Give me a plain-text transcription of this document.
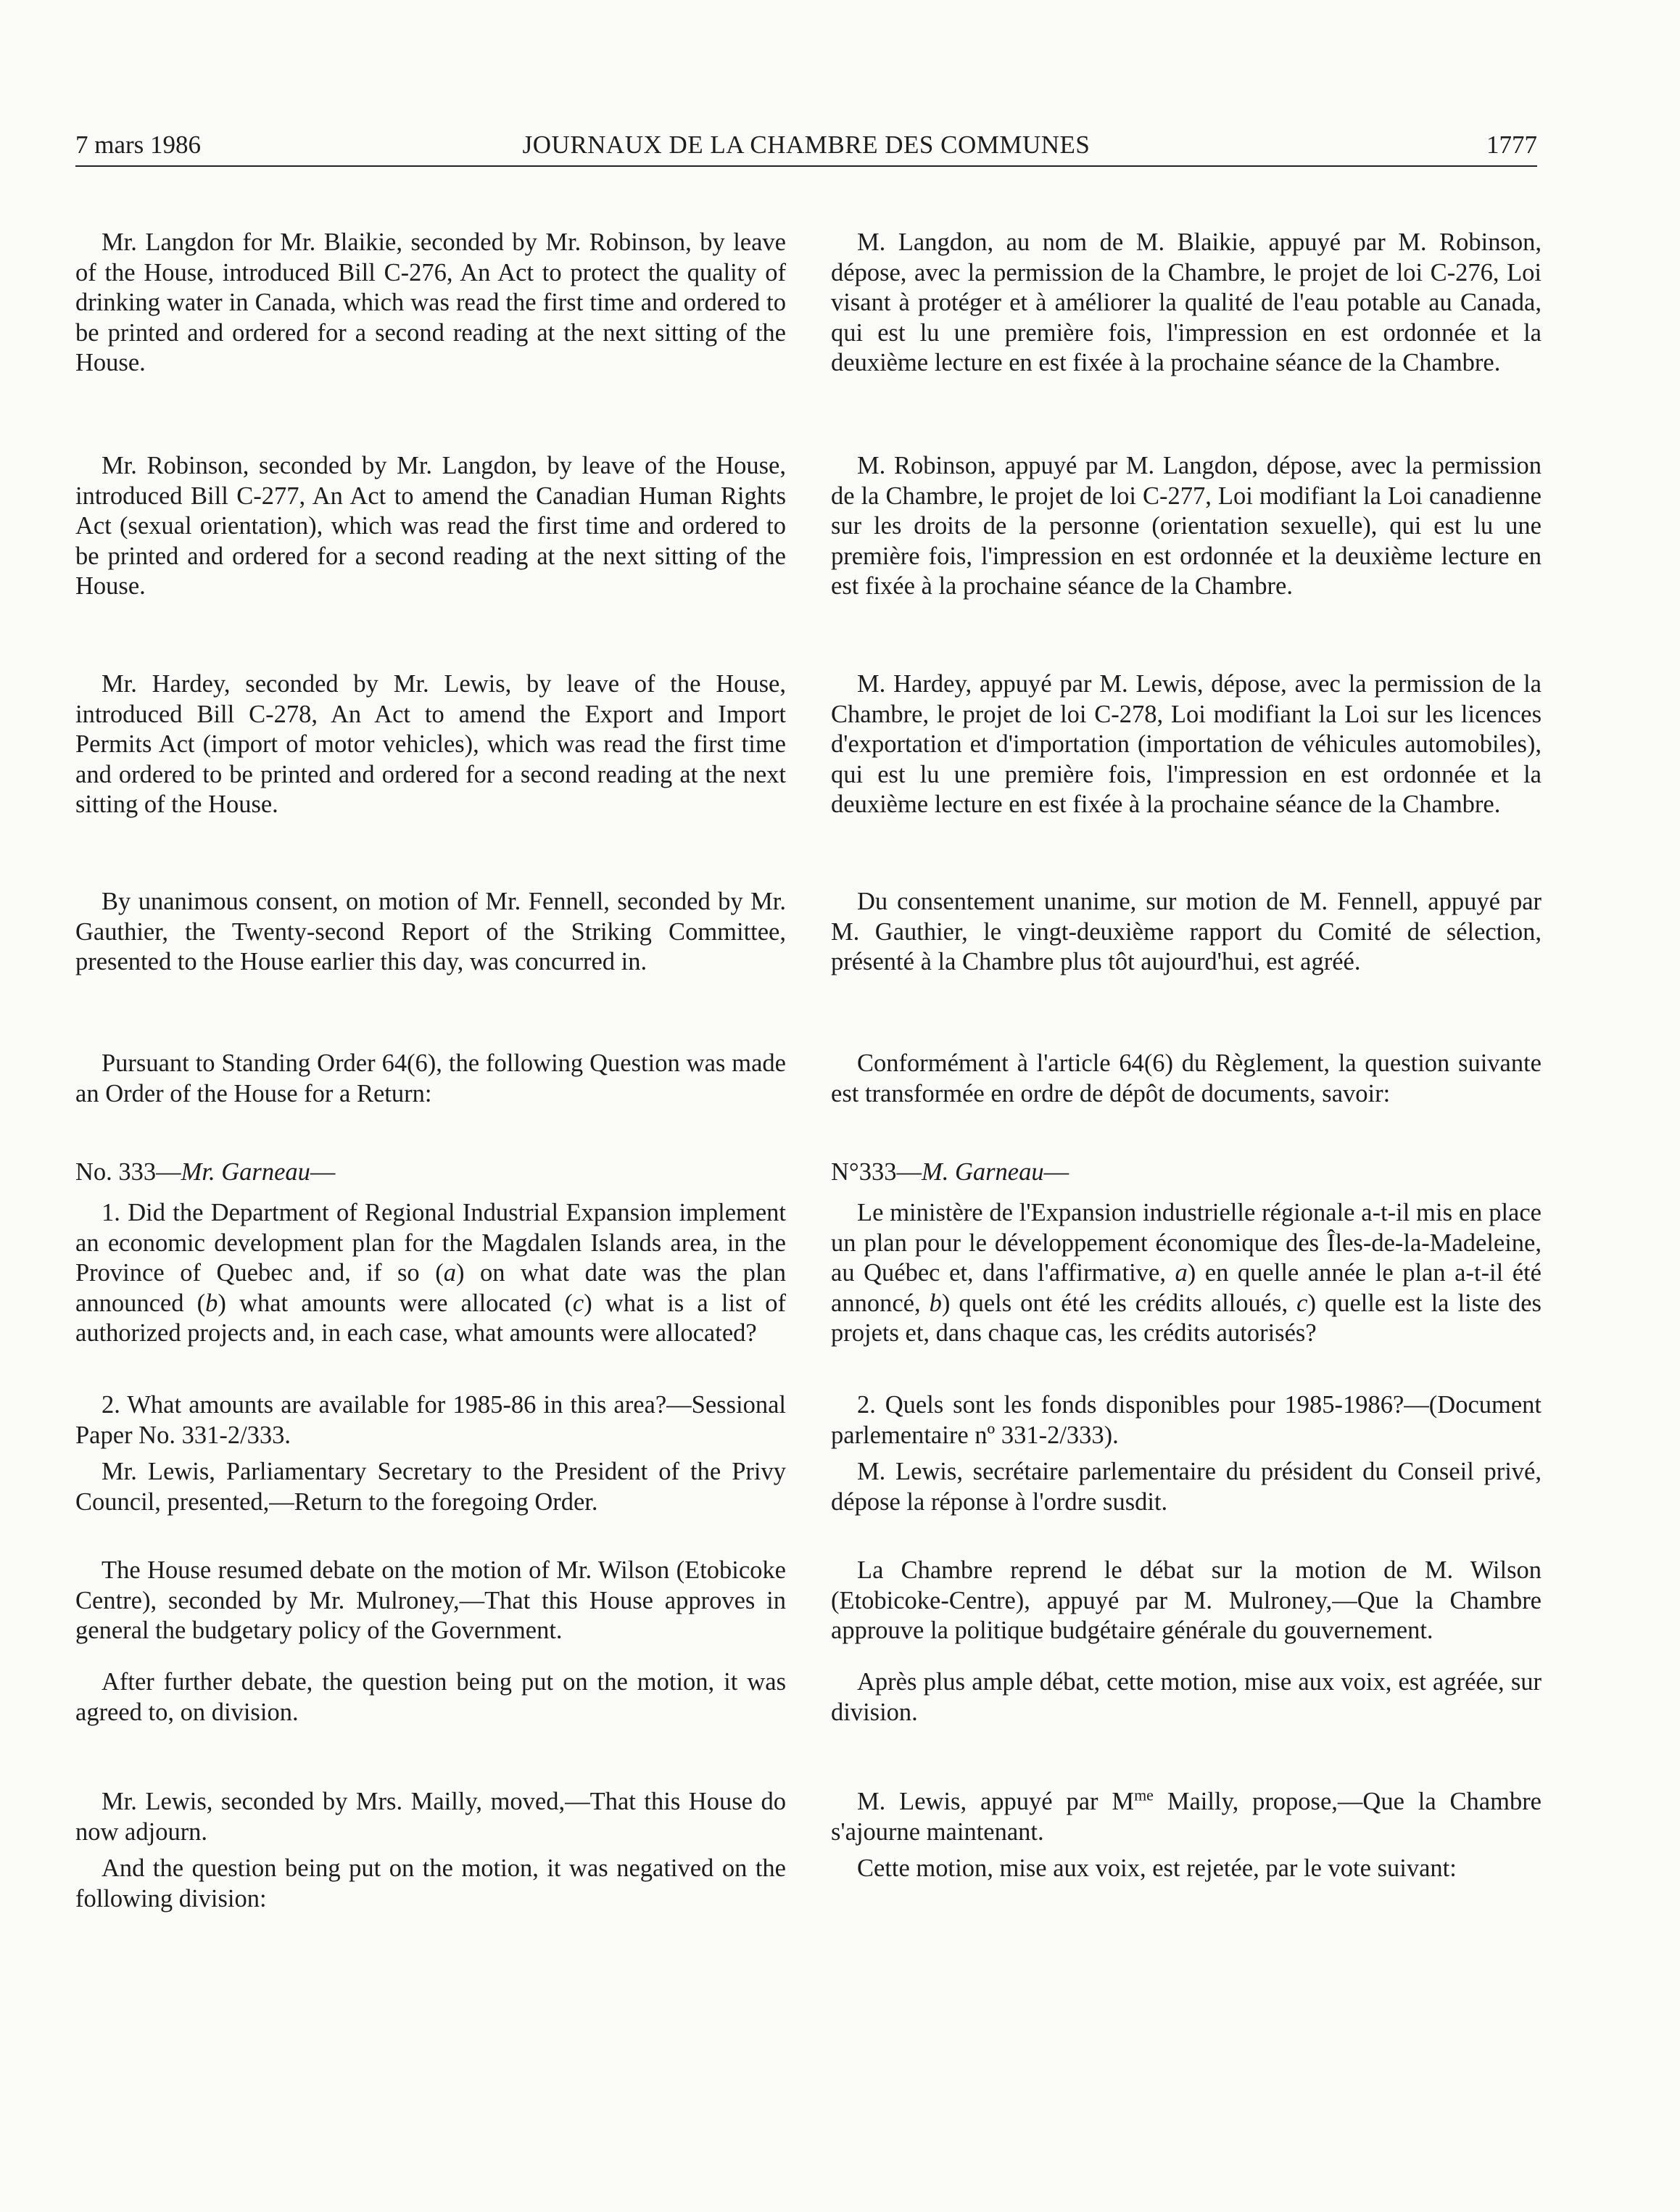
7 mars 1986	JOURNAUX DE LA CHAMBRE DES COMMUNES	1777

Mr. Langdon for Mr. Blaikie, seconded by Mr. Robinson, by leave of the House, introduced Bill C-276, An Act to protect the quality of drinking water in Canada, which was read the first time and ordered to be printed and ordered for a second reading at the next sitting of the House.

Mr. Robinson, seconded by Mr. Langdon, by leave of the House, introduced Bill C-277, An Act to amend the Canadian Human Rights Act (sexual orientation), which was read the first time and ordered to be printed and ordered for a second reading at the next sitting of the House.

Mr. Hardey, seconded by Mr. Lewis, by leave of the House, introduced Bill C-278, An Act to amend the Export and Import Permits Act (import of motor vehicles), which was read the first time and ordered to be printed and ordered for a second reading at the next sitting of the House.

By unanimous consent, on motion of Mr. Fennell, seconded by Mr. Gauthier, the Twenty-second Report of the Striking Committee, presented to the House earlier this day, was concurred in.

Pursuant to Standing Order 64(6), the following Question was made an Order of the House for a Return:

No. 333—Mr. Garneau—

1. Did the Department of Regional Industrial Expansion implement an economic development plan for the Magdalen Islands area, in the Province of Quebec and, if so (a) on what date was the plan announced (b) what amounts were allocated (c) what is a list of authorized projects and, in each case, what amounts were allocated?

2. What amounts are available for 1985-86 in this area?—Sessional Paper No. 331-2/333.

Mr. Lewis, Parliamentary Secretary to the President of the Privy Council, presented,—Return to the foregoing Order.

The House resumed debate on the motion of Mr. Wilson (Etobicoke Centre), seconded by Mr. Mulroney,—That this House approves in general the budgetary policy of the Government.

After further debate, the question being put on the motion, it was agreed to, on division.

Mr. Lewis, seconded by Mrs. Mailly, moved,—That this House do now adjourn.

And the question being put on the motion, it was negatived on the following division:

M. Langdon, au nom de M. Blaikie, appuyé par M. Robinson, dépose, avec la permission de la Chambre, le projet de loi C-276, Loi visant à protéger et à améliorer la qualité de l'eau potable au Canada, qui est lu une première fois, l'impression en est ordonnée et la deuxième lecture en est fixée à la prochaine séance de la Chambre.

M. Robinson, appuyé par M. Langdon, dépose, avec la permission de la Chambre, le projet de loi C-277, Loi modifiant la Loi canadienne sur les droits de la personne (orientation sexuelle), qui est lu une première fois, l'impression en est ordonnée et la deuxième lecture en est fixée à la prochaine séance de la Chambre.

M. Hardey, appuyé par M. Lewis, dépose, avec la permission de la Chambre, le projet de loi C-278, Loi modifiant la Loi sur les licences d'exportation et d'importation (importation de véhicules automobiles), qui est lu une première fois, l'impression en est ordonnée et la deuxième lecture en est fixée à la prochaine séance de la Chambre.

Du consentement unanime, sur motion de M. Fennell, appuyé par M. Gauthier, le vingt-deuxième rapport du Comité de sélection, présenté à la Chambre plus tôt aujourd'hui, est agréé.

Conformément à l'article 64(6) du Règlement, la question suivante est transformée en ordre de dépôt de documents, savoir:

N°333—M. Garneau—

Le ministère de l'Expansion industrielle régionale a-t-il mis en place un plan pour le développement économique des Îles-de-la-Madeleine, au Québec et, dans l'affirmative, a) en quelle année le plan a-t-il été annoncé, b) quels ont été les crédits alloués, c) quelle est la liste des projets et, dans chaque cas, les crédits autorisés?

2. Quels sont les fonds disponibles pour 1985-1986?—(Document parlementaire nº 331-2/333).

M. Lewis, secrétaire parlementaire du président du Conseil privé, dépose la réponse à l'ordre susdit.

La Chambre reprend le débat sur la motion de M. Wilson (Etobicoke-Centre), appuyé par M. Mulroney,—Que la Chambre approuve la politique budgétaire générale du gouvernement.

Après plus ample débat, cette motion, mise aux voix, est agréée, sur division.

M. Lewis, appuyé par $M^{me}$ Mailly, propose,—Que la Chambre s'ajourne maintenant.

Cette motion, mise aux voix, est rejetée, par le vote suivant:
